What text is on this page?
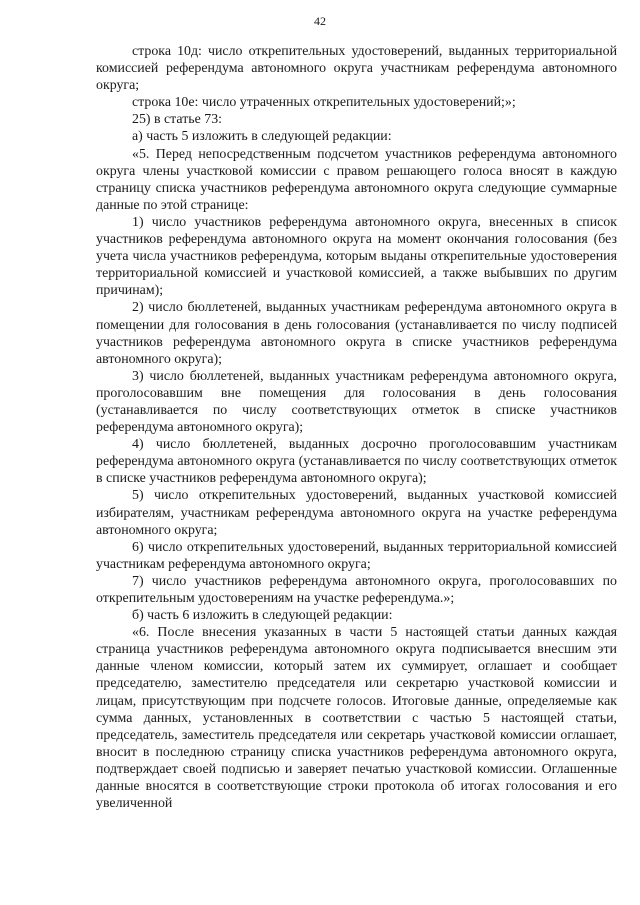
42

строка 10д: число открепительных удостоверений, выданных территориальной комиссией референдума автономного округа участникам референдума автономного округа;

строка 10е: число утраченных открепительных удостоверений;»;

25) в статье 73:

а) часть 5 изложить в следующей редакции:

«5. Перед непосредственным подсчетом участников референдума автономного округа члены участковой комиссии с правом решающего голоса вносят в каждую страницу списка участников референдума автономного округа следующие суммарные данные по этой странице:

1) число участников референдума автономного округа, внесенных в список участников референдума автономного округа на момент окончания голосования (без учета числа участников референдума, которым выданы открепительные удостоверения территориальной комиссией и участковой комиссией, а также выбывших по другим причинам);

2) число бюллетеней, выданных участникам референдума автономного округа в помещении для голосования в день голосования (устанавливается по числу подписей участников референдума автономного округа в списке участников референдума автономного округа);

3) число бюллетеней, выданных участникам референдума автономного округа, проголосовавшим вне помещения для голосования в день голосования (устанавливается по числу соответствующих отметок в списке участников референдума автономного округа);

4) число бюллетеней, выданных досрочно проголосовавшим участникам референдума автономного округа (устанавливается по числу соответствующих отметок в списке участников референдума автономного округа);

5) число открепительных удостоверений, выданных участковой комиссией избирателям, участникам референдума автономного округа на участке референдума автономного округа;

6) число открепительных удостоверений, выданных территориальной комиссией участникам референдума автономного округа;

7) число участников референдума автономного округа, проголосовавших по открепительным удостоверениям на участке референдума.»;

б) часть 6 изложить в следующей редакции:

«6. После внесения указанных в части 5 настоящей статьи данных каждая страница участников референдума автономного округа подписывается внесшим эти данные членом комиссии, который затем их суммирует, оглашает и сообщает председателю, заместителю председателя или секретарю участковой комиссии и лицам, присутствующим при подсчете голосов. Итоговые данные, определяемые как сумма данных, установленных в соответствии с частью 5 настоящей статьи, председатель, заместитель председателя или секретарь участковой комиссии оглашает, вносит в последнюю страницу списка участников референдума автономного округа, подтверждает своей подписью и заверяет печатью участковой комиссии. Оглашенные данные вносятся в соответствующие строки протокола об итогах голосования и его увеличенной
